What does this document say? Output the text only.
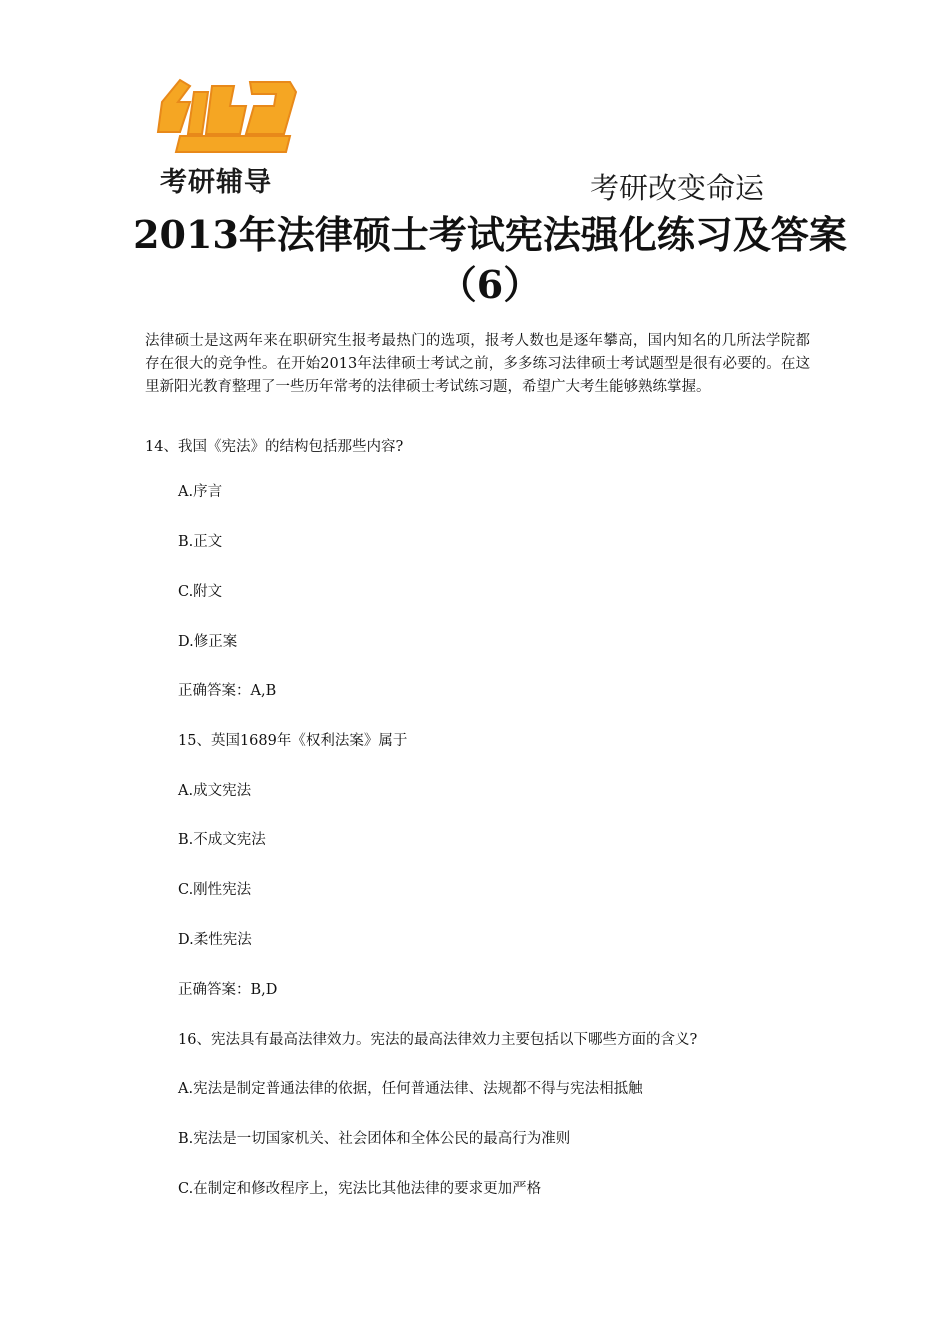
考研辅导	考研改变命运
2013年法律硕士考试宪法强化练习及答案（6）
法律硕士是这两年来在职研究生报考最热门的选项，报考人数也是逐年攀高，国内知名的几所法学院都存在很大的竞争性。在开始2013年法律硕士考试之前，多多练习法律硕士考试题型是很有必要的。在这里新阳光教育整理了一些历年常考的法律硕士考试练习题，希望广大考生能够熟练掌握。
14、我国《宪法》的结构包括那些内容?
A.序言
B.正文
C.附文
D.修正案
正确答案：A,B
15、英国1689年《权利法案》属于
A.成文宪法
B.不成文宪法
C.刚性宪法
D.柔性宪法
正确答案：B,D
16、宪法具有最高法律效力。宪法的最高法律效力主要包括以下哪些方面的含义?
A.宪法是制定普通法律的依据，任何普通法律、法规都不得与宪法相抵触
B.宪法是一切国家机关、社会团体和全体公民的最高行为准则
C.在制定和修改程序上，宪法比其他法律的要求更加严格
